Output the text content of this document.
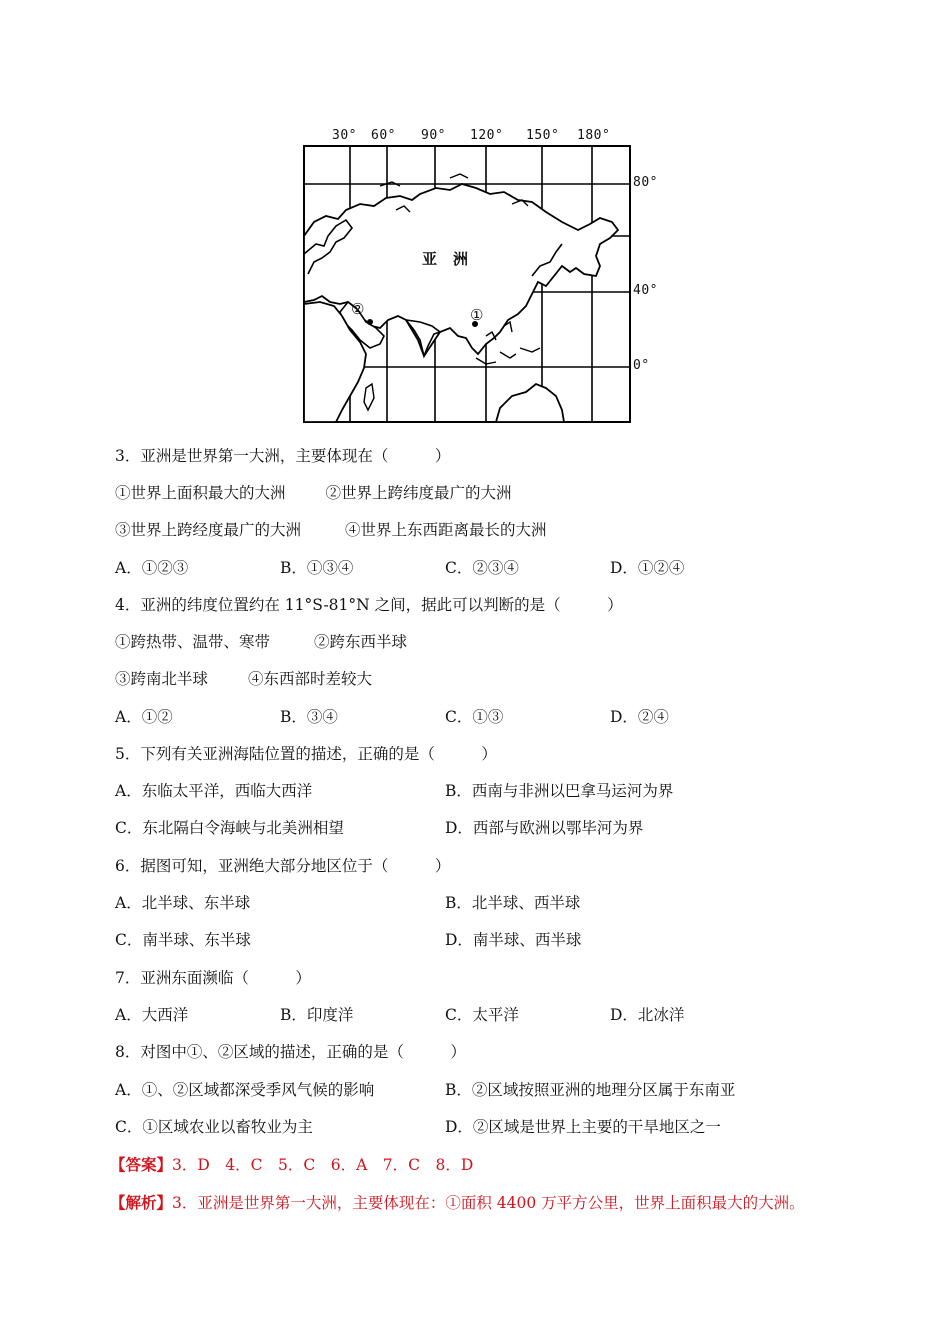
30° 60° 90° 120° 150° 180°
80°
40°
0°
亚　洲
②	①
3．亚洲是世界第一大洲，主要体现在（　　　）
①世界上面积最大的大洲	②世界上跨纬度最广的大洲
③世界上跨经度最广的大洲	④世界上东西距离最长的大洲
A．①②③	B．①③④	C．②③④	D．①②④
4．亚洲的纬度位置约在 11°S-81°N 之间，据此可以判断的是（　　　）
①跨热带、温带、寒带	②跨东西半球
③跨南北半球	④东西部时差较大
A．①②	B．③④	C．①③	D．②④
5．下列有关亚洲海陆位置的描述，正确的是（　　　）
A．东临太平洋，西临大西洋	B．西南与非洲以巴拿马运河为界
C．东北隔白令海峡与北美洲相望	D．西部与欧洲以鄂毕河为界
6．据图可知，亚洲绝大部分地区位于（　　　）
A．北半球、东半球	B．北半球、西半球
C．南半球、东半球	D．南半球、西半球
7．亚洲东面濒临（　　　）
A．大西洋	B．印度洋	C．太平洋	D．北冰洋
8．对图中①、②区域的描述，正确的是（　　　）
A．①、②区域都深受季风气候的影响	B．②区域按照亚洲的地理分区属于东南亚
C．①区域农业以畜牧业为主	D．②区域是世界上主要的干旱地区之一
【答案】3．D　4．C　5．C　6．A　7．C　8．D
【解析】3．亚洲是世界第一大洲，主要体现在：①面积 4400 万平方公里，世界上面积最大的大洲。
